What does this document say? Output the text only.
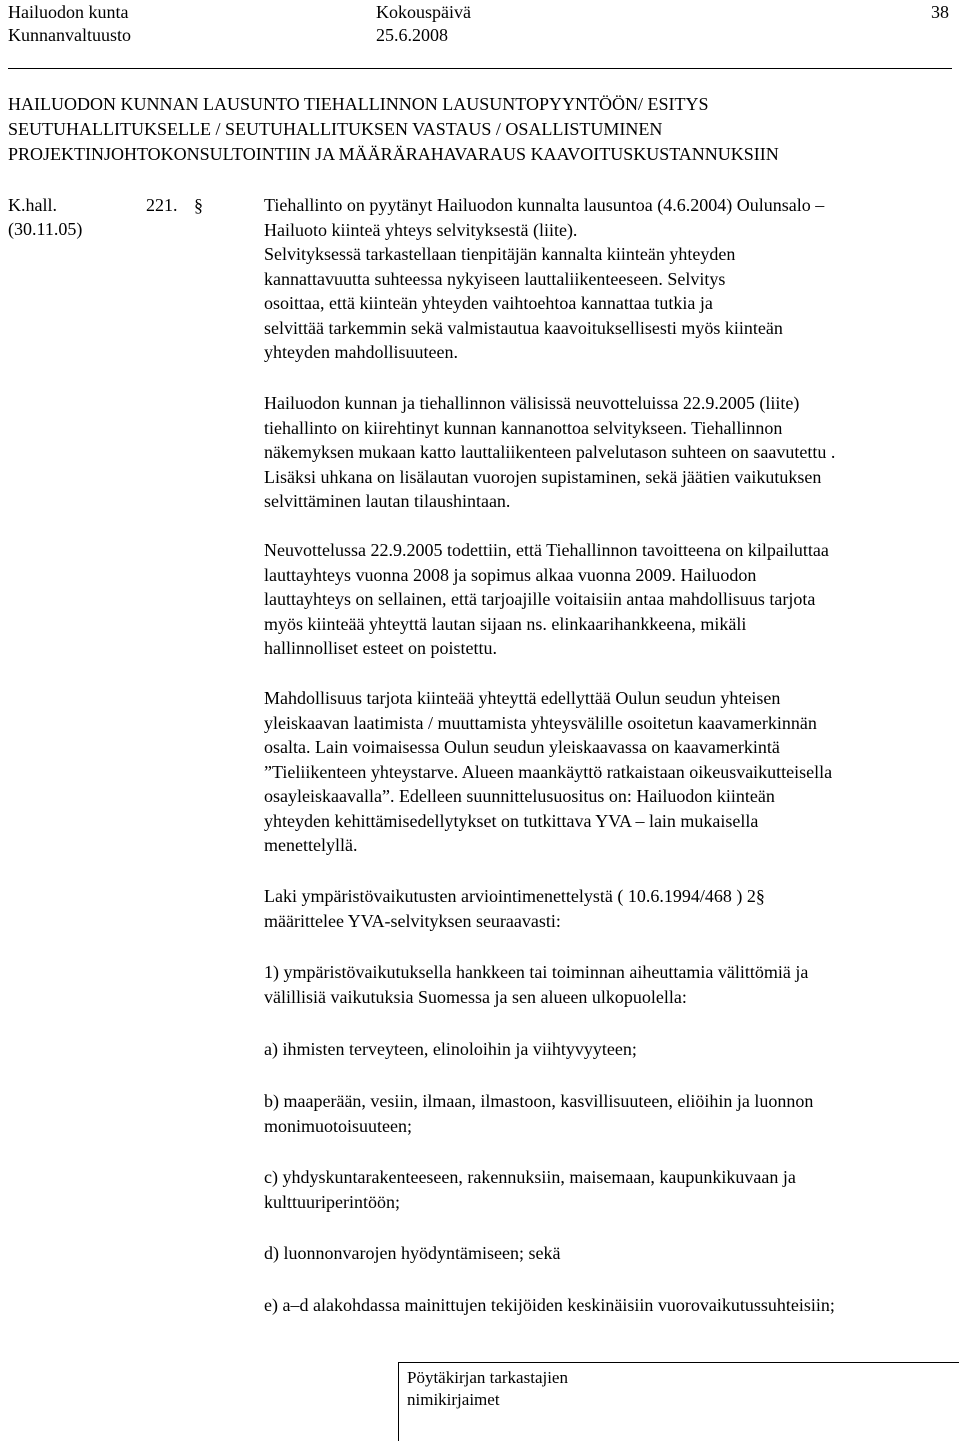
Hailuodon kunta
Kunnanvaltuusto
Kokouspäivä
25.6.2008
38
HAILUODON KUNNAN LAUSUNTO TIEHALLINNON LAUSUNTOPYYNTÖÖN/ ESITYS
SEUTUHALLITUKSELLE / SEUTUHALLITUKSEN VASTAUS / OSALLISTUMINEN
PROJEKTINJOHTOKONSULTOINTIIN JA MÄÄRÄRAHAVARAUS KAAVOITUSKUSTANNUKSIIN
K.hall.
(30.11.05)
221. §	Tiehallinto on pyytänyt Hailuodon kunnalta lausuntoa (4.6.2004) Oulunsalo –
Hailuoto kiinteä yhteys selvityksestä (liite).
Selvityksessä tarkastellaan tienpitäjän kannalta kiinteän yhteyden
kannattavuutta suhteessa nykyiseen lauttaliikenteeseen. Selvitys
osoittaa, että kiinteän yhteyden vaihtoehtoa kannattaa tutkia ja
selvittää tarkemmin sekä valmistautua kaavoituksellisesti myös kiinteän
yhteyden mahdollisuuteen.
Hailuodon kunnan ja tiehallinnon välisissä neuvotteluissa 22.9.2005 (liite)
tiehallinto on kiirehtinyt kunnan kannanottoa selvitykseen. Tiehallinnon
näkemyksen mukaan katto lauttaliikenteen palvelutason suhteen on saavutettu .
Lisäksi uhkana on lisälautan vuorojen supistaminen, sekä jäätien vaikutuksen
selvittäminen lautan tilaushintaan.
Neuvottelussa 22.9.2005 todettiin, että Tiehallinnon tavoitteena on kilpailuttaa
lauttayhteys vuonna 2008 ja sopimus alkaa vuonna 2009. Hailuodon
lauttayhteys on sellainen, että tarjoajille voitaisiin antaa mahdollisuus tarjota
myös kiinteää yhteyttä lautan sijaan ns. elinkaarihankkeena, mikäli
hallinnolliset esteet on poistettu.
Mahdollisuus tarjota kiinteää yhteyttä edellyttää Oulun seudun yhteisen
yleiskaavan laatimista / muuttamista yhteysvälille osoitetun kaavamerkinnän
osalta. Lain voimaisessa Oulun seudun yleiskaavassa on kaavamerkintä
”Tieliikenteen yhteystarve. Alueen maankäyttö ratkaistaan oikeusvaikutteisella
osayleiskaavalla”. Edelleen suunnittelusuositus on: Hailuodon kiinteän
yhteyden kehittämisedellytykset on tutkittava YVA – lain mukaisella
menettelyllä.
Laki ympäristövaikutusten arviointimenettelystä ( 10.6.1994/468 ) 2§
määrittelee YVA-selvityksen seuraavasti:
1) ympäristövaikutuksella hankkeen tai toiminnan aiheuttamia välittömiä ja
välillisiä vaikutuksia Suomessa ja sen alueen ulkopuolella:
a) ihmisten terveyteen, elinoloihin ja viihtyvyyteen;
b) maaperään, vesiin, ilmaan, ilmastoon, kasvillisuuteen, eliöihin ja luonnon
monimuotoisuuteen;
c) yhdyskuntarakenteeseen, rakennuksiin, maisemaan, kaupunkikuvaan ja
kulttuuriperintöön;
d) luonnonvarojen hyödyntämiseen; sekä
e) a–d alakohdassa mainittujen tekijöiden keskinäisiin vuorovaikutussuhteisiin;
Pöytäkirjan tarkastajien
nimikirjaimet
